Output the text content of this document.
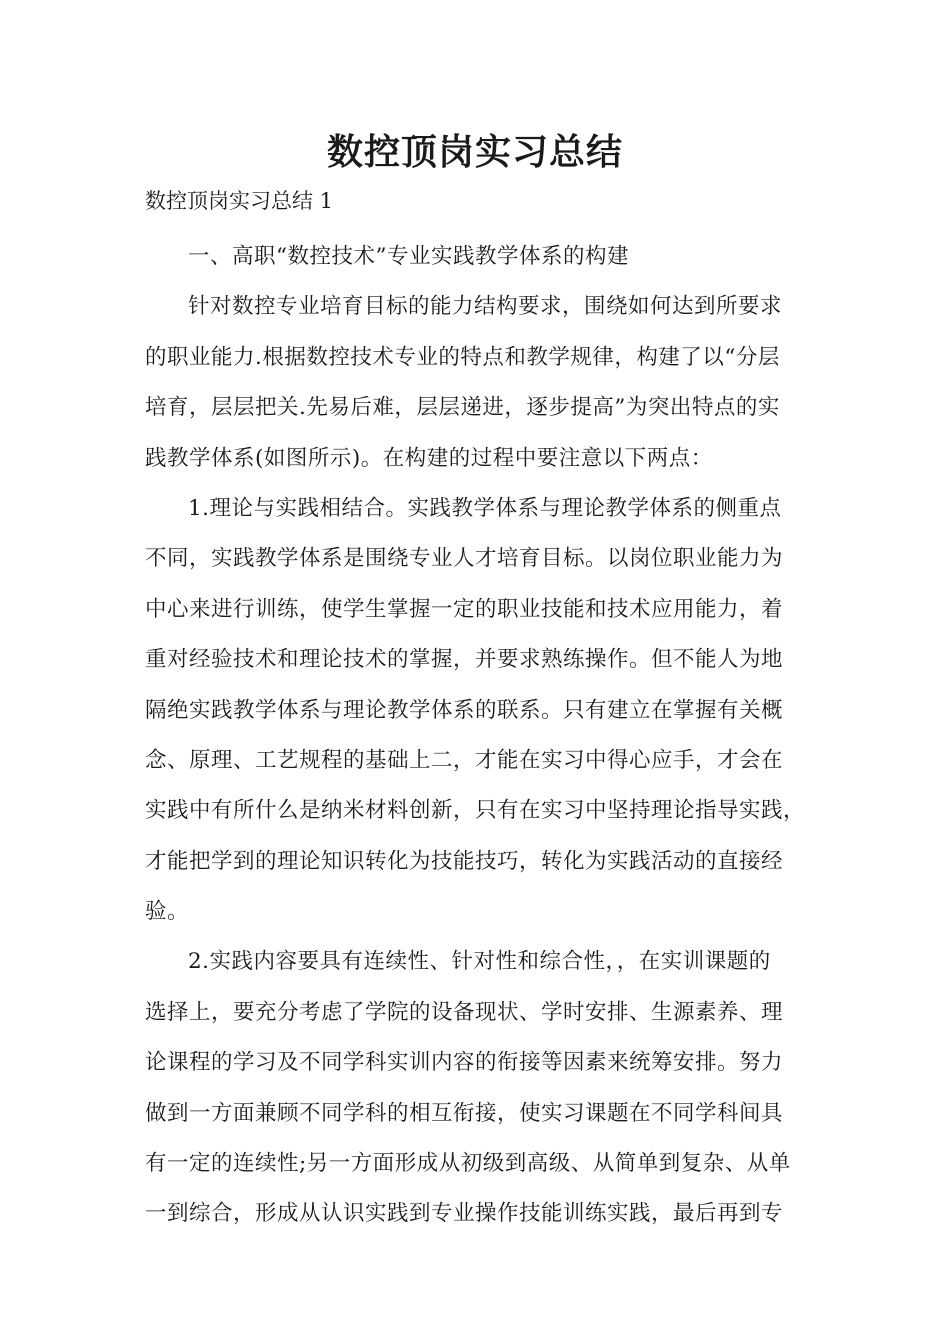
数控顶岗实习总结
数控顶岗实习总结 1
一、高职“数控技术”专业实践教学体系的构建
针对数控专业培育目标的能力结构要求，围绕如何达到所要求
的职业能力.根据数控技术专业的特点和教学规律，构建了以“分层
培育，层层把关.先易后难，层层递进，逐步提高”为突出特点的实
践教学体系(如图所示)。在构建的过程中要注意以下两点：
1.理论与实践相结合。实践教学体系与理论教学体系的侧重点
不同，实践教学体系是围绕专业人才培育目标。以岗位职业能力为
中心来进行训练，使学生掌握一定的职业技能和技术应用能力，着
重对经验技术和理论技术的掌握，并要求熟练操作。但不能人为地
隔绝实践教学体系与理论教学体系的联系。只有建立在掌握有关概
念、原理、工艺规程的基础上二，才能在实习中得心应手，才会在
实践中有所什么是纳米材料创新，只有在实习中坚持理论指导实践，
才能把学到的理论知识转化为技能技巧，转化为实践活动的直接经
验。
2.实践内容要具有连续性、针对性和综合性，，在实训课题的
选择上，要充分考虑了学院的设备现状、学时安排、生源素养、理
论课程的学习及不同学科实训内容的衔接等因素来统筹安排。努力
做到一方面兼顾不同学科的相互衔接，使实习课题在不同学科间具
有一定的连续性;另一方面形成从初级到高级、从简单到复杂、从单
一到综合，形成从认识实践到专业操作技能训练实践，最后再到专
